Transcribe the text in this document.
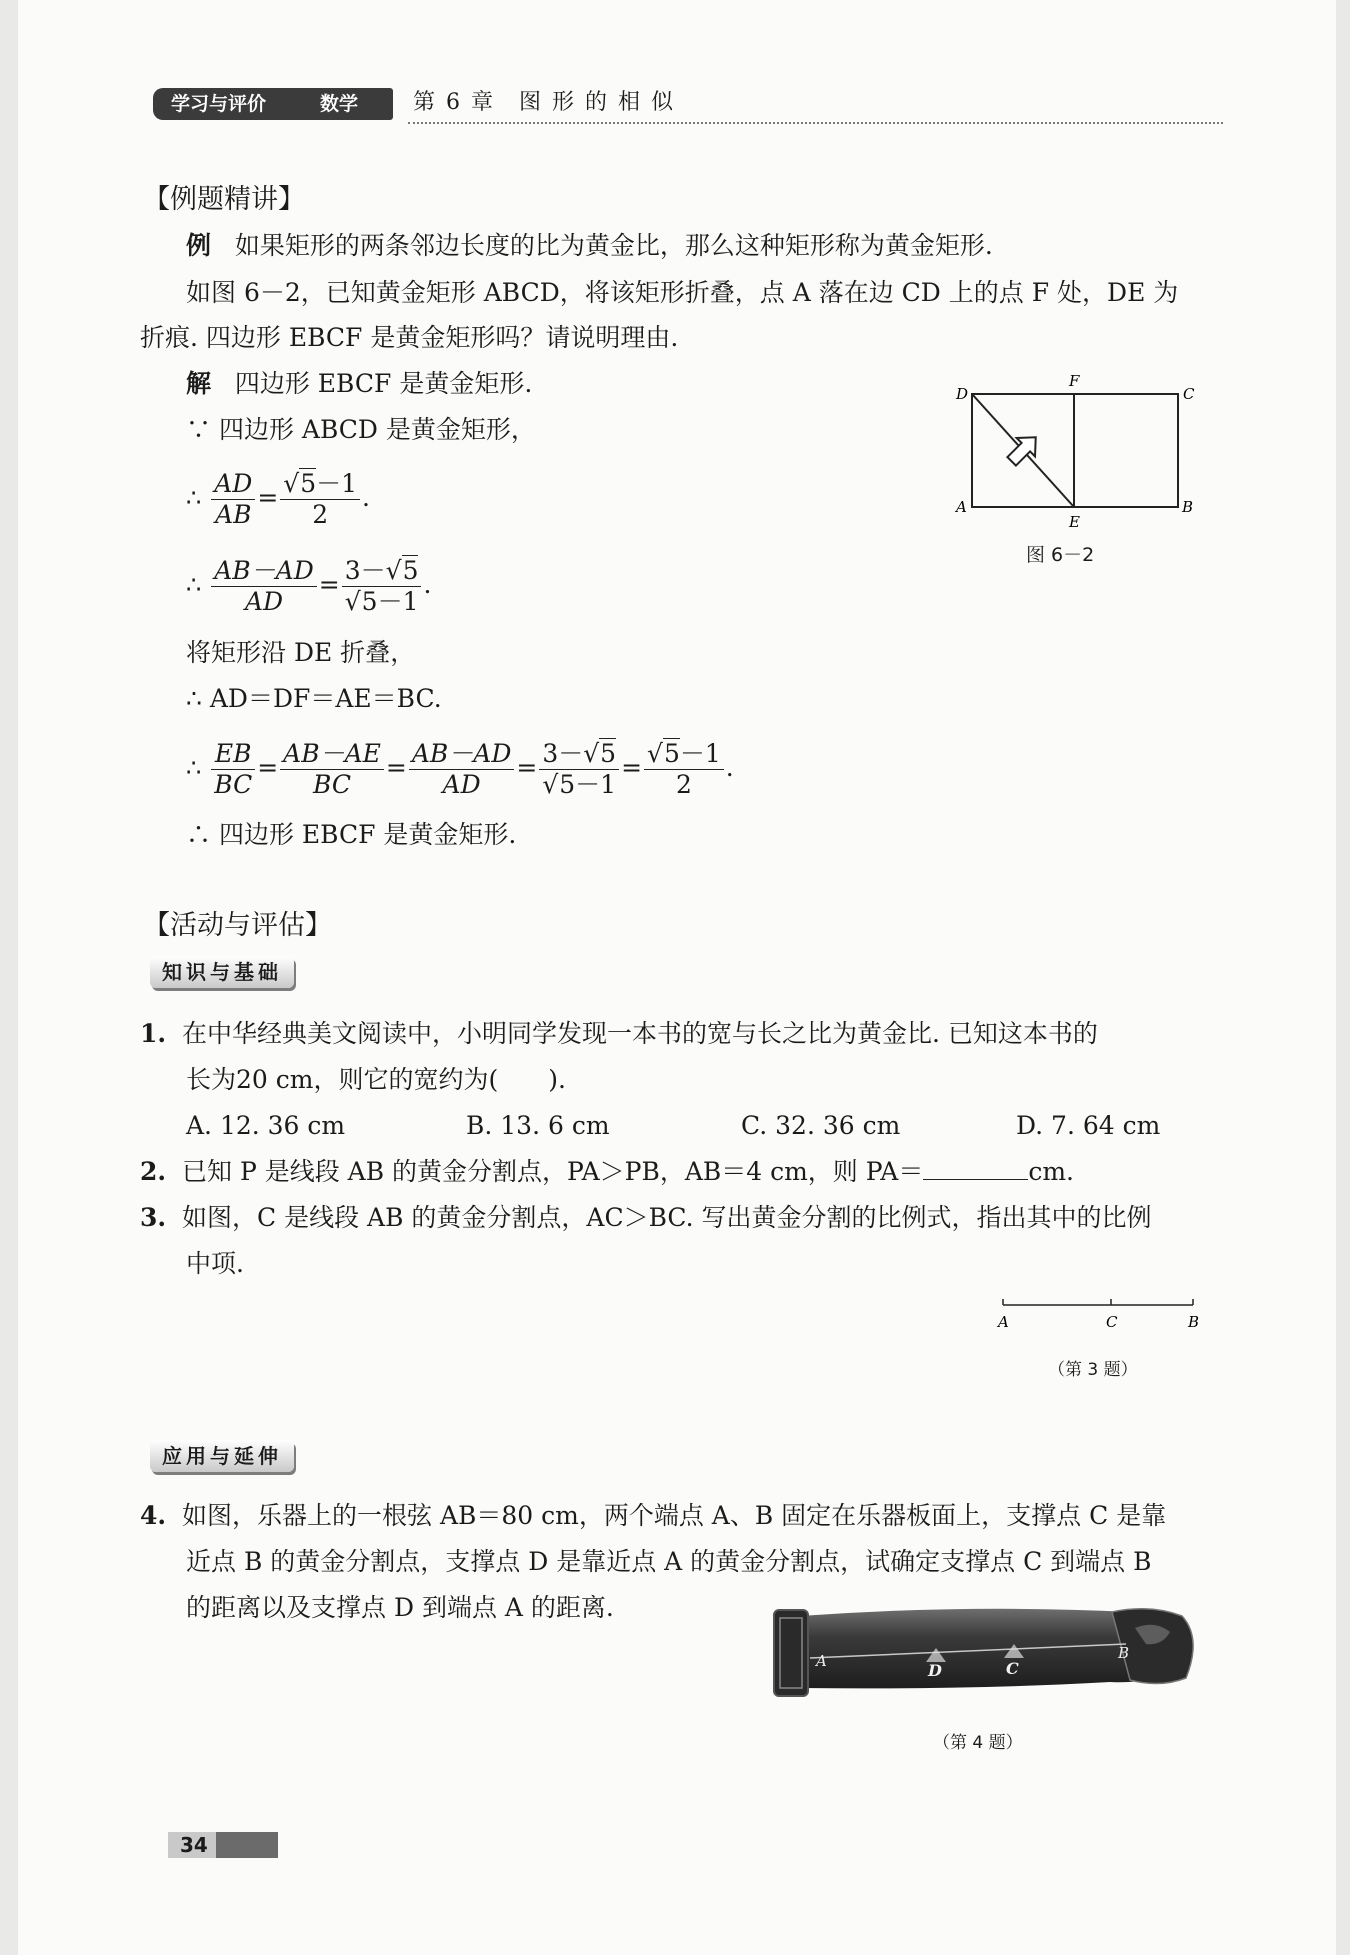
学习与评价	数学 第 6 章　图 形 的 相 似
【例题精讲】
例 如果矩形的两条邻边长度的比为黄金比，那么这种矩形称为黄金矩形.
如图 6－2，已知黄金矩形 ABCD，将该矩形折叠，点 A 落在边 CD 上的点 F 处，DE 为
折痕. 四边形 EBCF 是黄金矩形吗？请说明理由.
解 四边形 EBCF 是黄金矩形.
∵ 四边形 ABCD 是黄金矩形，
∴ $\frac{AD}{AB} = \frac{√5-1}{2}$ .
∴ $\frac{AB-AD}{AD} = \frac{3-√5}{√5-1}$ .
将矩形沿 DE 折叠，
∴ AD＝DF＝AE＝BC.
∴ $\frac{EB}{BC} = \frac{AB-AE}{BC} = \frac{AB-AD}{AD} = \frac{3-√5}{√5-1} = \frac{√5-1}{2}$ .
∴ 四边形 EBCF 是黄金矩形.
D
F
C
A
E
B
图 6－2
【活动与评估】
知识与基础
1. 在中华经典美文阅读中，小明同学发现一本书的宽与长之比为黄金比. 已知这本书的
长为20 cm，则它的宽约为(　　).
A. 12. 36 cm	B. 13. 6 cm	C. 32. 36 cm	D. 7. 64 cm
2. 已知 P 是线段 AB 的黄金分割点，PA＞PB，AB＝4 cm，则 PA＝	cm.
3. 如图，C 是线段 AB 的黄金分割点，AC＞BC. 写出黄金分割的比例式，指出其中的比例
中项.
A	C	B
（第 3 题）
应用与延伸
4. 如图，乐器上的一根弦 AB＝80 cm，两个端点 A、B 固定在乐器板面上，支撑点 C 是靠
近点 B 的黄金分割点，支撑点 D 是靠近点 A 的黄金分割点，试确定支撑点 C 到端点 B
的距离以及支撑点 D 到端点 A 的距离.
A	D	C
B
（第 4 题）
34
